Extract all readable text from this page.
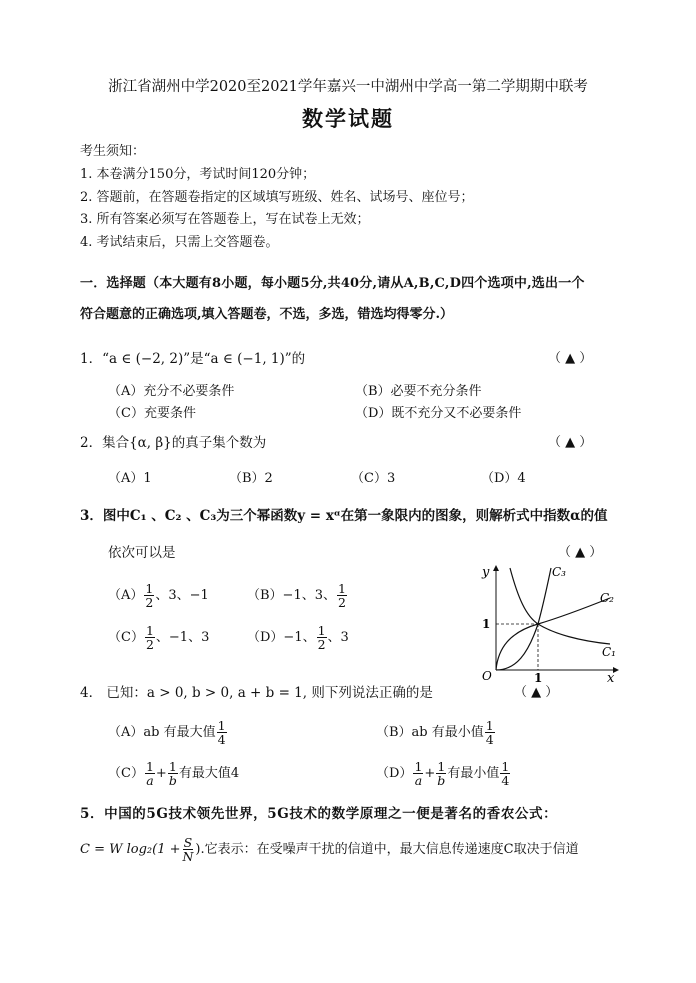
浙江省湖州中学2020至2021学年嘉兴一中湖州中学高一第二学期期中联考
数学试题
考生须知：
1. 本卷满分150分，考试时间120分钟；
2. 答题前，在答题卷指定的区域填写班级、姓名、试场号、座位号；
3. 所有答案必须写在答题卷上，写在试卷上无效；
4. 考试结束后，只需上交答题卷。
一．选择题（本大题有8小题，每小题5分,共40分,请从A,B,C,D四个选项中,选出一个
符合题意的正确选项,填入答题卷，不选，多选，错选均得零分.）
1．“a ∈ (−2, 2)”是“a ∈ (−1, 1)”的	（ ▲ ）
（A）充分不必要条件	（B）必要不充分条件
（C）充要条件	（D）既不充分又不必要条件
2．集合{α, β}的真子集个数为	（ ▲ ）
（A）1	（B）2	（C）3	（D）4
3．图中C₁ 、C₂ 、C₃为三个幂函数y = xᵅ在第一象限内的图象，则解析式中指数α的值
依次可以是	（ ▲ ）
$(A) \frac{1}{2}$ 、3、−1	（B）−1、3、 $\frac{1}{2}$
$(C) \frac{1}{2}$ 、−1、3	（D）−1、 $\frac{1}{2}$ 、3
y
x
O	1
1
C₃
C₂
C₁
4． 已知：a > 0, b > 0, a + b = 1, 则下列说法正确的是	（ ▲ ）
（A）ab 有最大值 $\frac{1}{4}$	（B）ab 有最小值 $\frac{1}{4}$
$(C) \frac{1}{a} + \frac{1}{b}$ 有最大值4	$(D) \frac{1}{a} + \frac{1}{b}$ 有最小值 $\frac{1}{4}$
5．中国的5G技术领先世界，5G技术的数学原理之一便是著名的香农公式：
C = W $\log_2(1 + \frac{S}{N}$ ).它表示：在受噪声干扰的信道中，最大信息传递速度C取决于信道
